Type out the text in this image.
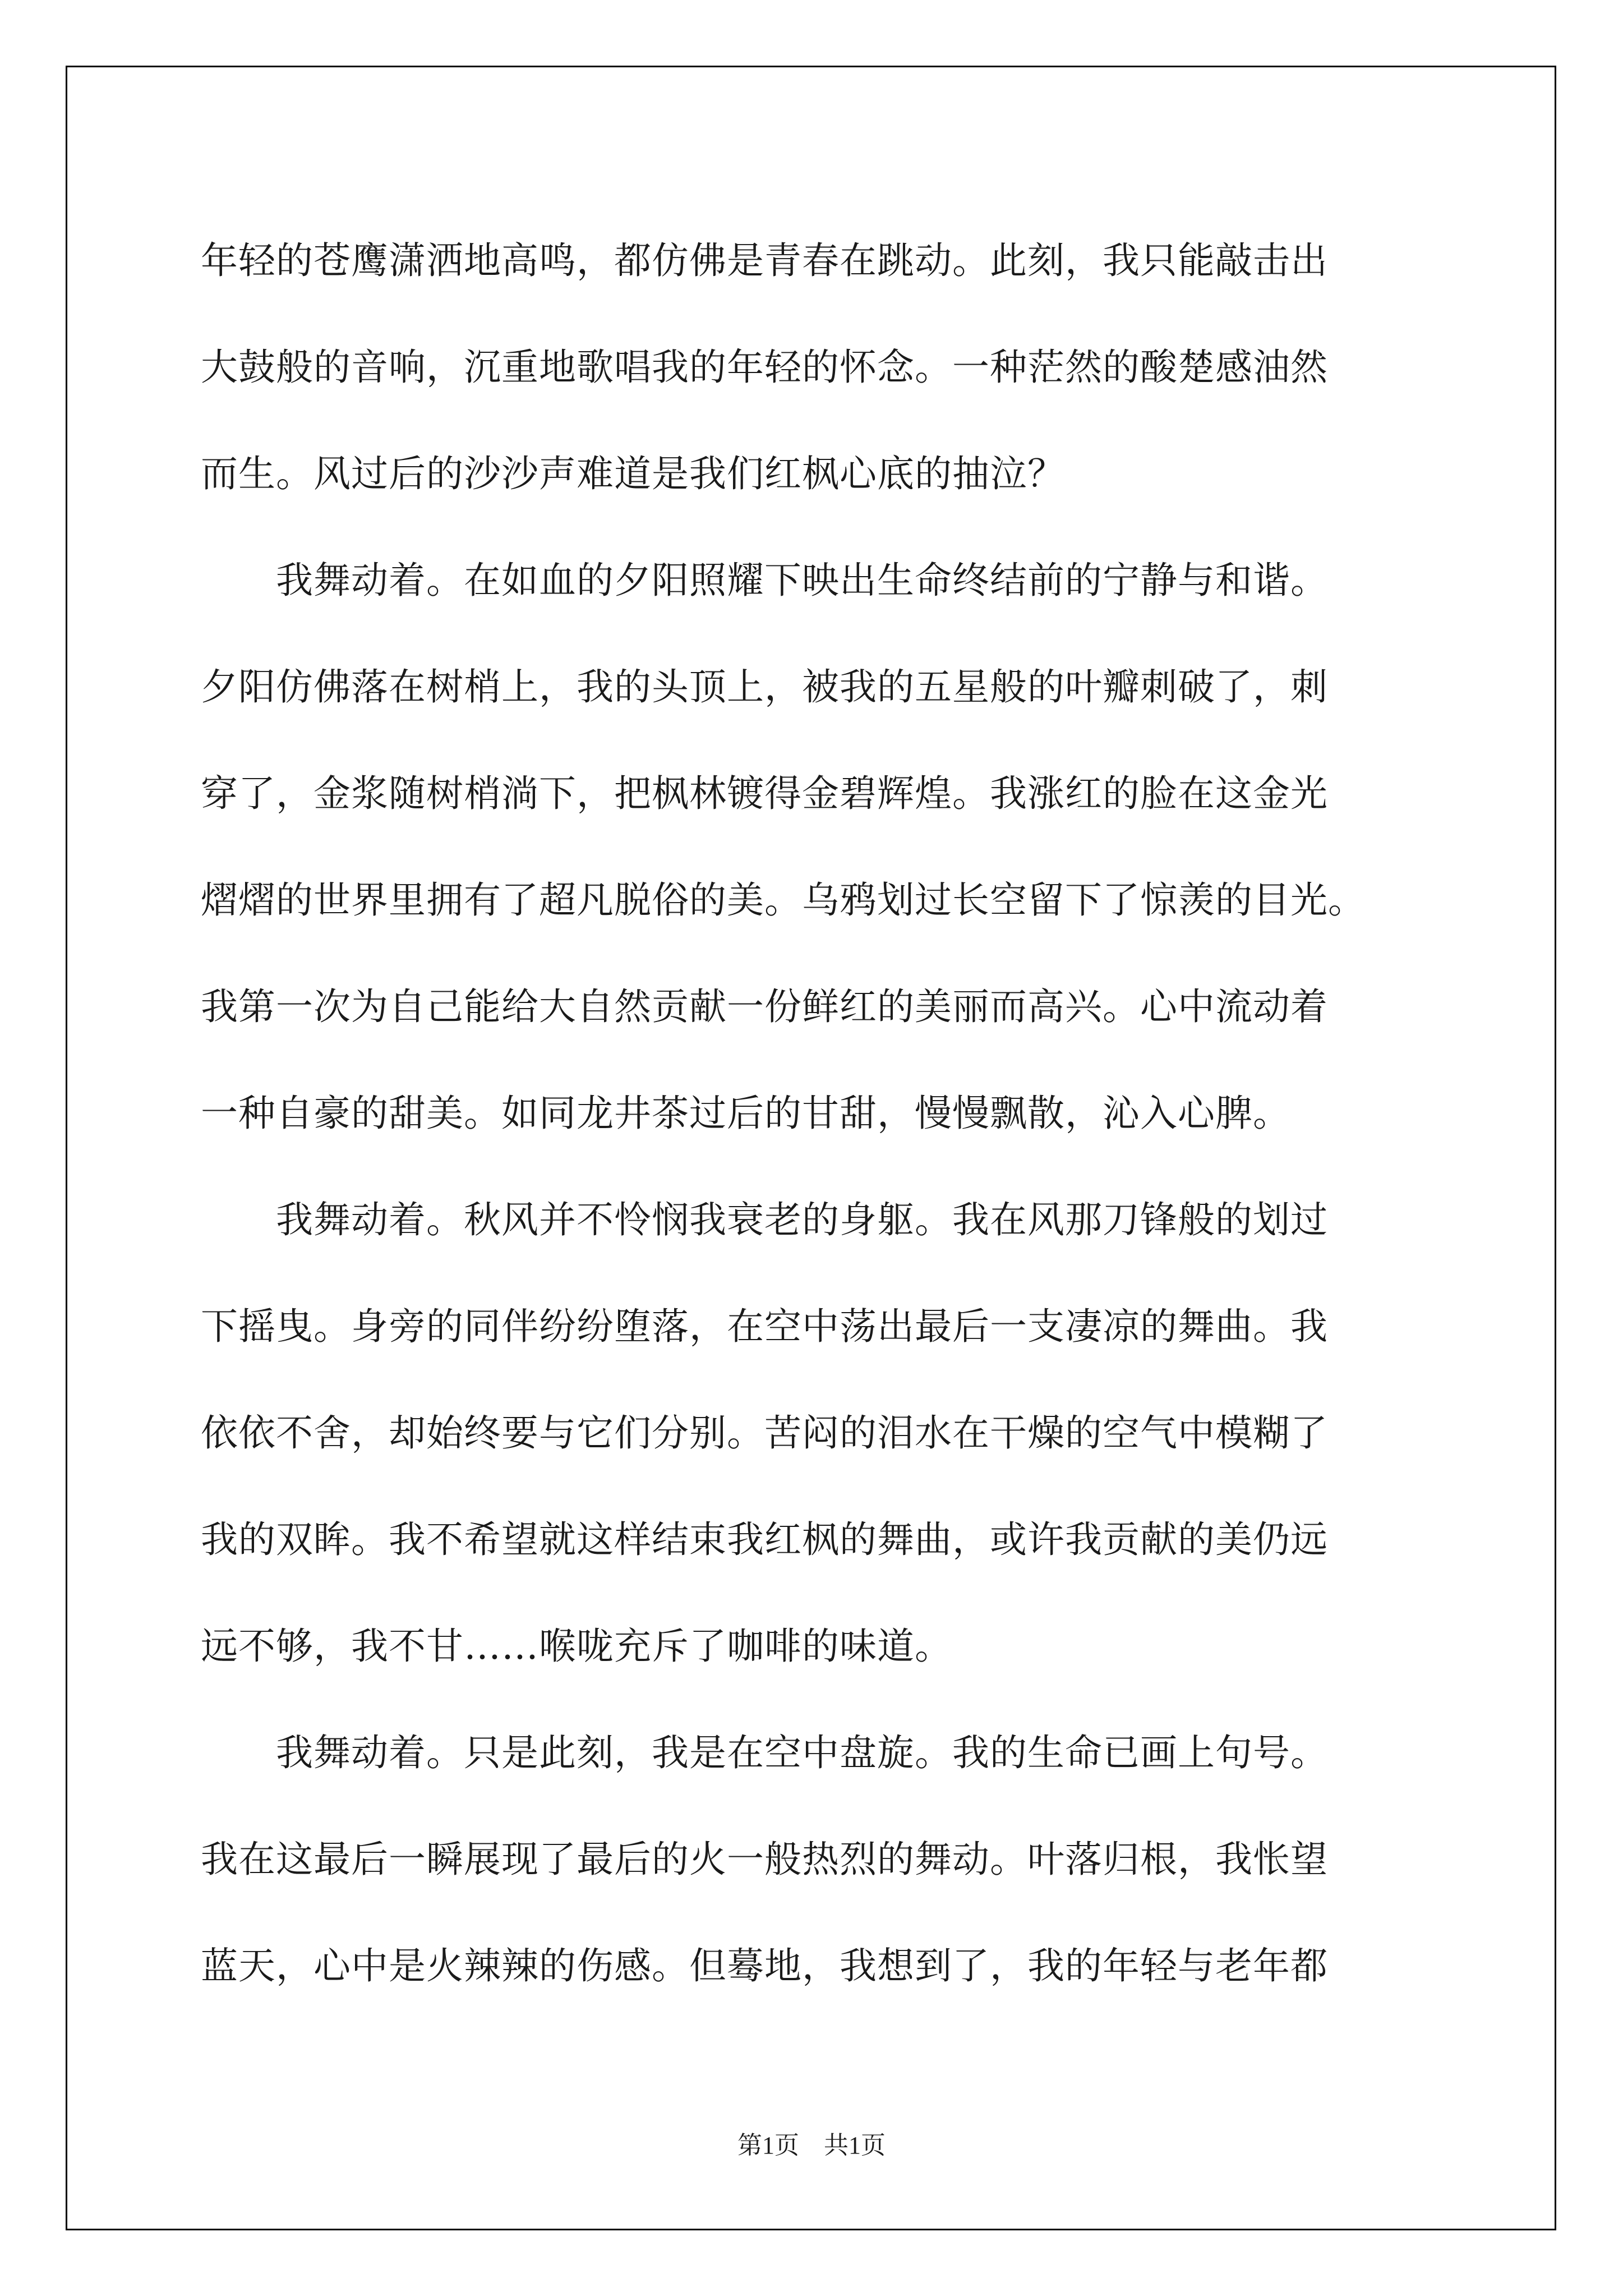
年轻的苍鹰潇洒地高鸣，都仿佛是青春在跳动。此刻，我只能敲击出
大鼓般的音响，沉重地歌唱我的年轻的怀念。一种茫然的酸楚感油然
而生。风过后的沙沙声难道是我们红枫心底的抽泣？
　　我舞动着。在如血的夕阳照耀下映出生命终结前的宁静与和谐。
夕阳仿佛落在树梢上，我的头顶上，被我的五星般的叶瓣刺破了，刺
穿了，金浆随树梢淌下，把枫林镀得金碧辉煌。我涨红的脸在这金光
熠熠的世界里拥有了超凡脱俗的美。乌鸦划过长空留下了惊羡的目光。
我第一次为自己能给大自然贡献一份鲜红的美丽而高兴。心中流动着
一种自豪的甜美。如同龙井茶过后的甘甜，慢慢飘散，沁入心脾。
　　我舞动着。秋风并不怜悯我衰老的身躯。我在风那刀锋般的划过
下摇曳。身旁的同伴纷纷堕落，在空中荡出最后一支凄凉的舞曲。我
依依不舍，却始终要与它们分别。苦闷的泪水在干燥的空气中模糊了
我的双眸。我不希望就这样结束我红枫的舞曲，或许我贡献的美仍远
远不够，我不甘……喉咙充斥了咖啡的味道。
　　我舞动着。只是此刻，我是在空中盘旋。我的生命已画上句号。
我在这最后一瞬展现了最后的火一般热烈的舞动。叶落归根，我怅望
蓝天，心中是火辣辣的伤感。但蓦地，我想到了，我的年轻与老年都
第1页　共1页
